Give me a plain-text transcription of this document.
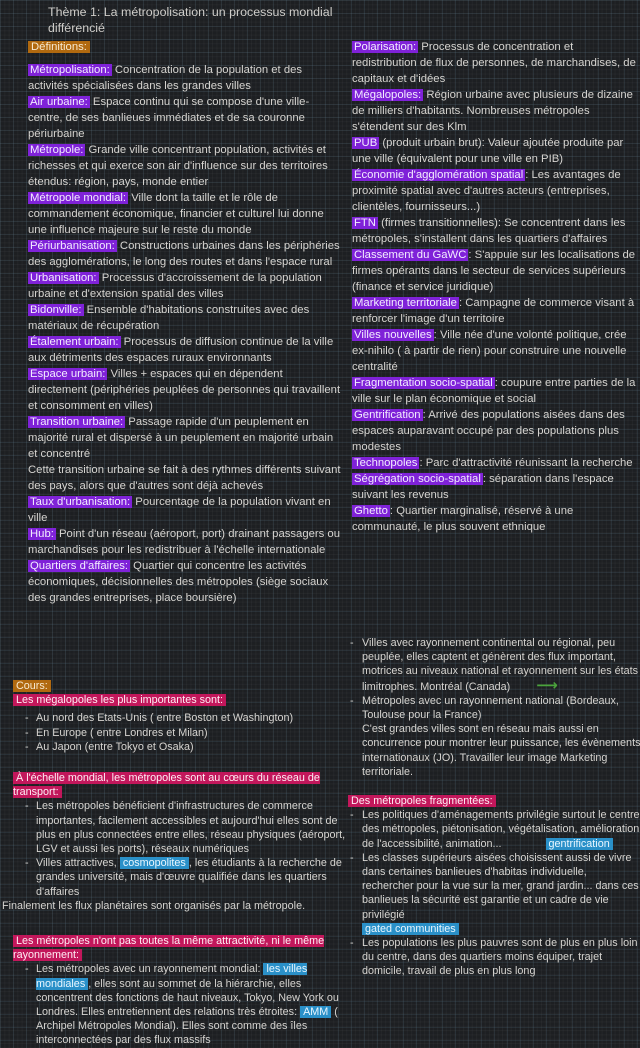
Thème 1: La métropolisation: un processus mondial différencié
Définitions:

Métropolisation: Concentration de la population et des activités spécialisées dans les grandes villes

Air urbaine: Espace continu qui se compose d'une ville-centre, de ses banlieues immédiates et de sa couronne périurbaine

Métropole: Grande ville concentrant population, activités et richesses et qui exerce son air d'influence sur des territoires étendus: région, pays, monde entier

Métropole mondial: Ville dont la taille et le rôle de commandement économique, financier et culturel lui donne une influence majeure sur le reste du monde

Périurbanisation: Constructions urbaines dans les périphéries des agglomérations, le long des routes et dans l'espace rural

Urbanisation: Processus d'accroissement de la population urbaine et d'extension spatial des villes

Bidonville: Ensemble d'habitations construites avec des matériaux de récupération

Étalement urbain: Processus de diffusion continue de la ville aux détriments des espaces ruraux environnants

Espace urbain: Villes + espaces qui en dépendent directement (périphéries peuplées de personnes qui travaillent et consomment en villes)

Transition urbaine: Passage rapide d'un peuplement en majorité rural et dispersé à un peuplement en majorité urbain et concentré

Cette transition urbaine se fait à des rythmes différents suivant des pays, alors que d'autres sont déjà achevés

Taux d'urbanisation: Pourcentage de la population vivant en ville

Hub: Point d'un réseau (aéroport, port) drainant passagers ou marchandises pour les redistribuer à l'échelle internationale

Quartiers d'affaires: Quartier qui concentre les activités économiques, décisionnelles des métropoles (siège sociaux des grandes entreprises, place boursière)

Polarisation: Processus de concentration et redistribution de flux de personnes, de marchandises, de capitaux et d'idées

Mégalopoles: Région urbaine avec plusieurs de dizaine de milliers d'habitants. Nombreuses métropoles s'étendent sur des Klm

PUB (produit urbain brut): Valeur ajoutée produite par une ville (équivalent pour une ville en PIB)

Économie d'agglomération spatial : Les avantages de proximité spatial avec d'autres acteurs (entreprises, clientèles, fournisseurs...)

FTN (firmes transitionnelles): Se concentrent dans les métropoles, s'installent dans les quartiers d'affaires

Classement du GaWC : S'appuie sur les localisations de firmes opérants dans le secteur de services supérieurs (finance et service juridique)

Marketing territoriale : Campagne de commerce visant à renforcer l'image d'un territoire

Villes nouvelles : Ville née d'une volonté politique, crée ex-nihilo ( à partir de rien) pour construire une nouvelle centralité

Fragmentation socio-spatial : coupure entre parties de la ville sur le plan économique et social

Gentrification : Arrivé des populations aisées dans des espaces auparavant occupé par des populations plus modestes

Technopoles : Parc d'attractivité réunissant la recherche

Ségrégation socio-spatial : séparation dans l'espace suivant les revenus

Ghetto : Quartier marginalisé, réservé à une communauté, le plus souvent ethnique

Cours:
Les mégalopoles les plus importantes sont:
- Au nord des Etats-Unis ( entre Boston et Washington)
- En Europe ( entre Londres et Milan)
- Au Japon (entre Tokyo et Osaka)
À l'échelle mondial, les métropoles sont au cœurs du réseau de transport:
- Les métropoles bénéficient d'infrastructures de commerce importantes, facilement accessibles et aujourd'hui elles sont de plus en plus connectées entre elles, réseau physiques (aéroport, LGV et aussi les ports), réseaux numériques
- Villes attractives, cosmopolites , les étudiants à la recherche de grandes université, mais d'œuvre qualifiée dans les quartiers d'affaires
Finalement les flux planétaires sont organisés par la métropole.
Les métropoles n'ont pas toutes la même attractivité, ni le même rayonnement:
- Les métropoles avec un rayonnement mondial: les villes mondiales , elles sont au sommet de la hiérarchie, elles concentrent des fonctions de haut niveaux, Tokyo, New York ou Londres. Elles entretiennent des relations très étroites: AMM ( Archipel Métropoles Mondial). Elles sont comme des îles interconnectées par des flux massifs
- Villes avec rayonnement continental ou régional, peu peuplée, elles captent et génèrent des flux important, motrices au niveaux national et rayonnement sur les états limitrophes. Montréal (Canada) ⟶
- Métropoles avec un rayonnement national (Bordeaux, Toulouse pour la France)
C'est grandes villes sont en réseau mais aussi en concurrence pour montrer leur puissance, les évènements internationaux (JO). Travailler leur image Marketing territoriale.
Des métropoles fragmentées:
- Les politiques d'aménagements privilégie surtout le centre des métropoles, piétonisation, végétalisation, amélioration de l'accessibilité, animation...	gentrification
- Les classes supérieurs aisées choisissent aussi de vivre dans certaines banlieues d'habitas individuelle, rechercher pour la vue sur la mer, grand jardin... dans ces banlieues la sécurité est garantie et un cadre de vie privilégié
gated communities
- Les populations les plus pauvres sont de plus en plus loin du centre, dans des quartiers moins équiper, trajet domicile, travail de plus en plus long
